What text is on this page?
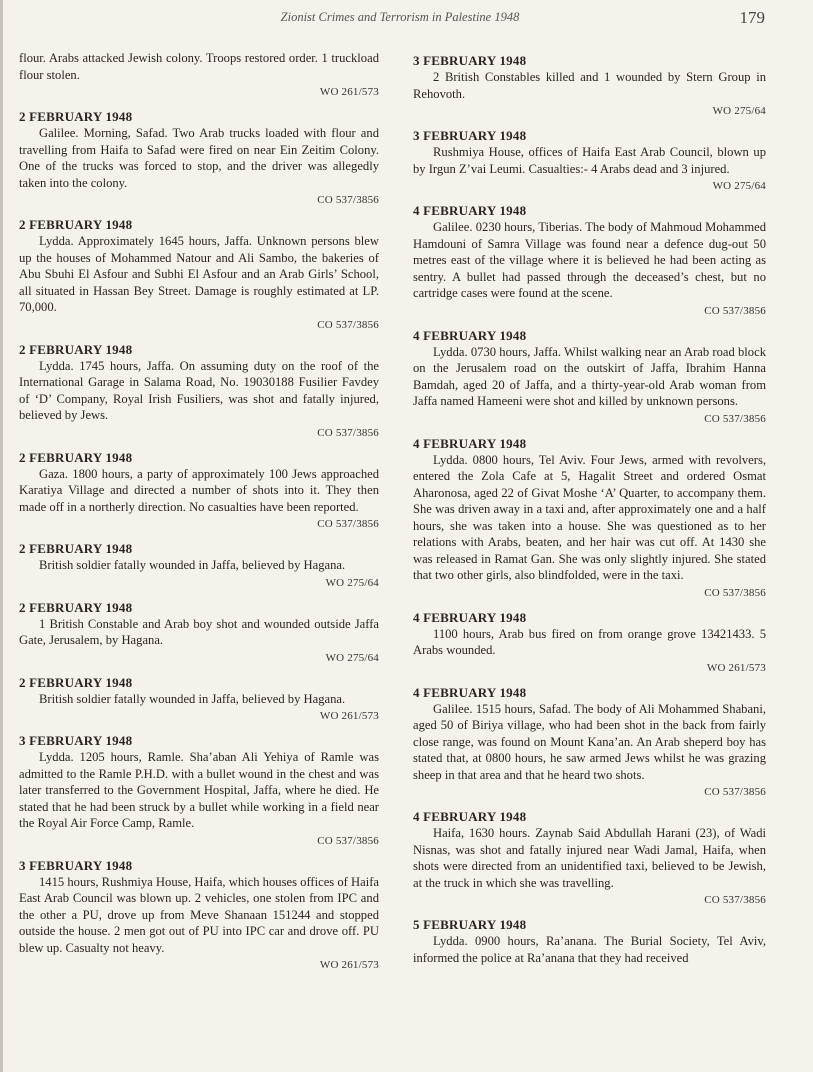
Zionist Crimes and Terrorism in Palestine 1948	179

flour. Arabs attacked Jewish colony. Troops restored order. 1 truckload flour stolen.

WO 261/573
2 FEBRUARY 1948

Galilee. Morning, Safad. Two Arab trucks loaded with flour and travelling from Haifa to Safad were fired on near Ein Zeitim Colony. One of the trucks was forced to stop, and the driver was allegedly taken into the colony.

CO 537/3856
2 FEBRUARY 1948

Lydda. Approximately 1645 hours, Jaffa. Unknown persons blew up the houses of Mohammed Natour and Ali Sambo, the bakeries of Abu Sbuhi El Asfour and Subhi El Asfour and an Arab Girls’ School, all situated in Hassan Bey Street. Damage is roughly estimated at LP. 70,000.

CO 537/3856
2 FEBRUARY 1948

Lydda. 1745 hours, Jaffa. On assuming duty on the roof of the International Garage in Salama Road, No. 19030188 Fusilier Favdey of ‘D’ Company, Royal Irish Fusiliers, was shot and fatally injured, believed by Jews.

CO 537/3856
2 FEBRUARY 1948

Gaza. 1800 hours, a party of approximately 100 Jews approached Karatiya Village and directed a number of shots into it. They then made off in a northerly direction. No casualties have been reported.

CO 537/3856
2 FEBRUARY 1948

British soldier fatally wounded in Jaffa, believed by Hagana.

WO 275/64
2 FEBRUARY 1948

1 British Constable and Arab boy shot and wounded outside Jaffa Gate, Jerusalem, by Hagana.

WO 275/64
2 FEBRUARY 1948

British soldier fatally wounded in Jaffa, believed by Hagana.

WO 261/573
3 FEBRUARY 1948

Lydda. 1205 hours, Ramle. Sha’aban Ali Yehiya of Ramle was admitted to the Ramle P.H.D. with a bullet wound in the chest and was later transferred to the Government Hospital, Jaffa, where he died. He stated that he had been struck by a bullet while working in a field near the Royal Air Force Camp, Ramle.

CO 537/3856
3 FEBRUARY 1948

1415 hours, Rushmiya House, Haifa, which houses offices of Haifa East Arab Council was blown up. 2 vehicles, one stolen from IPC and the other a PU, drove up from Meve Shanaan 151244 and stopped outside the house. 2 men got out of PU into IPC car and drove off. PU blew up. Casualty not heavy.

WO 261/573
3 FEBRUARY 1948

2 British Constables killed and 1 wounded by Stern Group in Rehovoth.

WO 275/64
3 FEBRUARY 1948

Rushmiya House, offices of Haifa East Arab Council, blown up by Irgun Z’vai Leumi. Casualties:- 4 Arabs dead and 3 injured.

WO 275/64
4 FEBRUARY 1948

Galilee. 0230 hours, Tiberias. The body of Mahmoud Mohammed Hamdouni of Samra Village was found near a defence dug-out 50 metres east of the village where it is believed he had been acting as sentry. A bullet had passed through the deceased’s chest, but no cartridge cases were found at the scene.

CO 537/3856
4 FEBRUARY 1948

Lydda. 0730 hours, Jaffa. Whilst walking near an Arab road block on the Jerusalem road on the outskirt of Jaffa, Ibrahim Hanna Bamdah, aged 20 of Jaffa, and a thirty-year-old Arab woman from Jaffa named Hameeni were shot and killed by unknown persons.

CO 537/3856
4 FEBRUARY 1948

Lydda. 0800 hours, Tel Aviv. Four Jews, armed with revolvers, entered the Zola Cafe at 5, Hagalit Street and ordered Osmat Aharonosa, aged 22 of Givat Moshe ‘A’ Quarter, to accompany them. She was driven away in a taxi and, after approximately one and a half hours, she was taken into a house. She was questioned as to her relations with Arabs, beaten, and her hair was cut off. At 1430 she was released in Ramat Gan. She was only slightly injured. She stated that two other girls, also blindfolded, were in the taxi.

CO 537/3856
4 FEBRUARY 1948

1100 hours, Arab bus fired on from orange grove 13421433. 5 Arabs wounded.

WO 261/573
4 FEBRUARY 1948

Galilee. 1515 hours, Safad. The body of Ali Mohammed Shabani, aged 50 of Biriya village, who had been shot in the back from fairly close range, was found on Mount Kana’an. An Arab sheperd boy has stated that, at 0800 hours, he saw armed Jews whilst he was grazing sheep in that area and that he heard two shots.

CO 537/3856
4 FEBRUARY 1948

Haifa, 1630 hours. Zaynab Said Abdullah Harani (23), of Wadi Nisnas, was shot and fatally injured near Wadi Jamal, Haifa, when shots were directed from an unidentified taxi, believed to be Jewish, at the truck in which she was travelling.

CO 537/3856
5 FEBRUARY 1948

Lydda. 0900 hours, Ra’anana. The Burial Society, Tel Aviv, informed the police at Ra’anana that they had received
